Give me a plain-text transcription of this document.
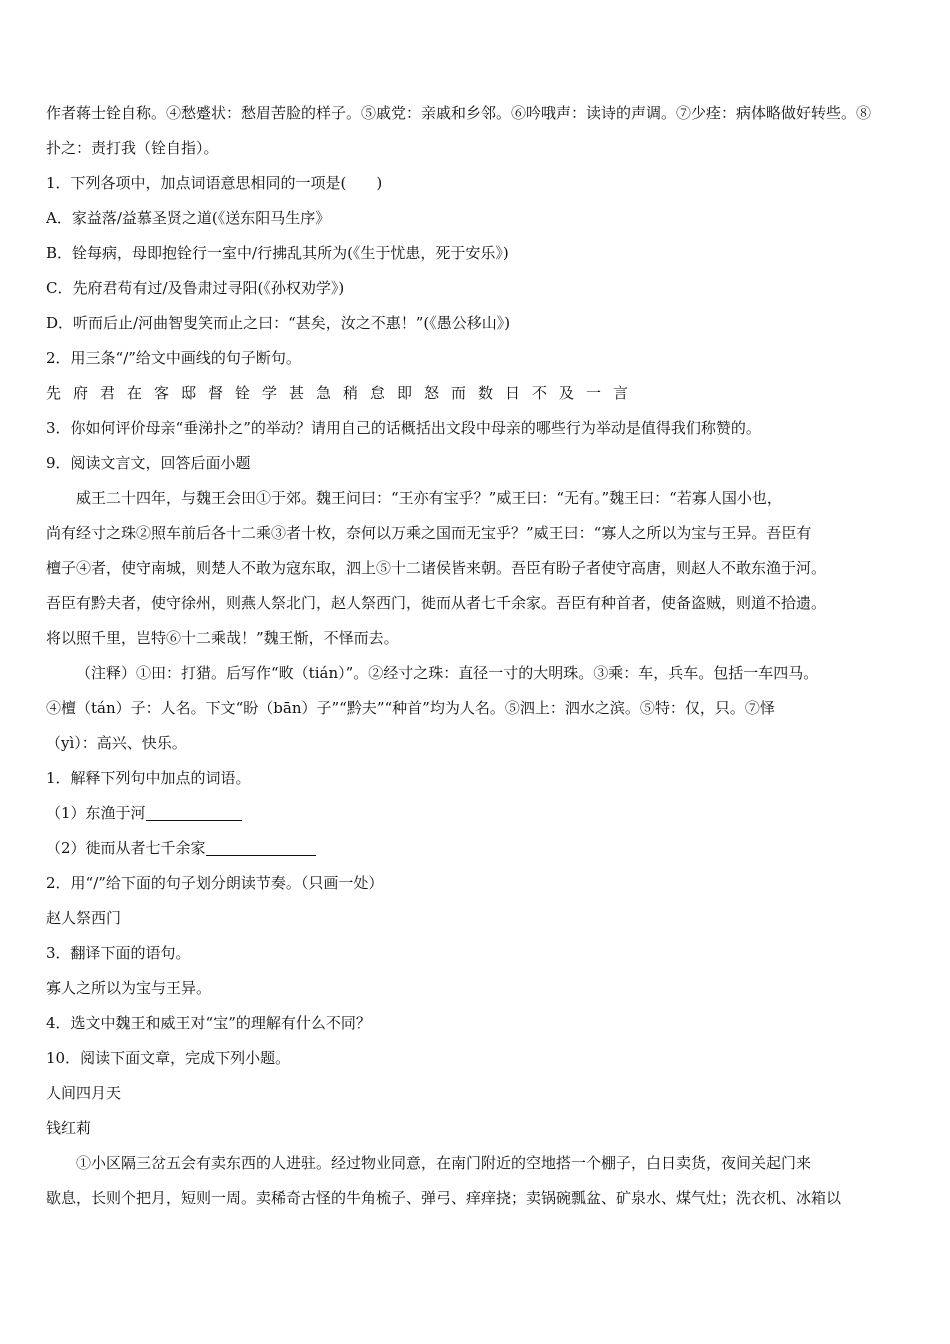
作者蒋士铨自称。④愁蹙状：愁眉苦脸的样子。⑤戚党：亲戚和乡邻。⑥吟哦声：读诗的声调。⑦少痊：病体略做好转些。⑧
扑之：责打我（铨自指）。
1．下列各项中，加点词语意思相同的一项是(　　)
A．家益落/益慕圣贤之道(《送东阳马生序》
B．铨每病，母即抱铨行一室中/行拂乱其所为(《生于忧患，死于安乐》)
C．先府君苟有过/及鲁肃过寻阳(《孙权劝学》)
D．听而后止/河曲智叟笑而止之曰：“甚矣，汝之不惠！”(《愚公移山》)
2．用三条“/”给文中画线的句子断句。
先府君在客邸督铨学甚急稍怠即怒而数日不及一言
3．你如何评价母亲“垂涕扑之”的举动？请用自己的话概括出文段中母亲的哪些行为举动是值得我们称赞的。
9．阅读文言文，回答后面小题
威王二十四年，与魏王会田①于郊。魏王问曰：“王亦有宝乎？”威王曰：“无有。”魏王曰：“若寡人国小也，
尚有经寸之珠②照车前后各十二乘③者十枚，奈何以万乘之国而无宝乎？”威王曰：“寡人之所以为宝与王异。吾臣有
檀子④者，使守南城，则楚人不敢为寇东取，泗上⑤十二诸侯皆来朝。吾臣有盼子者使守高唐，则赵人不敢东渔于河。
吾臣有黔夫者，使守徐州，则燕人祭北门，赵人祭西门，徙而从者七千余家。吾臣有种首者，使备盗贼，则道不拾遗。
将以照千里，岂特⑥十二乘哉！”魏王惭，不怿而去。
（注释）①田：打猎。后写作“畋（tián）”。②经寸之珠：直径一寸的大明珠。③乘：车，兵车。包括一车四马。
④檀（tán）子：人名。下文“盼（bān）子”“黔夫”“种首”均为人名。⑤泗上：泗水之滨。⑤特：仅，只。⑦怿
（yì）：高兴、快乐。
1．解释下列句中加点的词语。
（1）东渔于河
（2）徙而从者七千余家
2．用“/”给下面的句子划分朗读节奏。（只画一处）
赵人祭西门
3．翻译下面的语句。
寡人之所以为宝与王异。
4．选文中魏王和威王对“宝”的理解有什么不同？
10．阅读下面文章，完成下列小题。
人间四月天
钱红莉
①小区隔三岔五会有卖东西的人进驻。经过物业同意，在南门附近的空地搭一个棚子，白日卖货，夜间关起门来
歇息，长则个把月，短则一周。卖稀奇古怪的牛角梳子、弹弓、痒痒挠；卖锅碗瓢盆、矿泉水、煤气灶；洗衣机、冰箱以
